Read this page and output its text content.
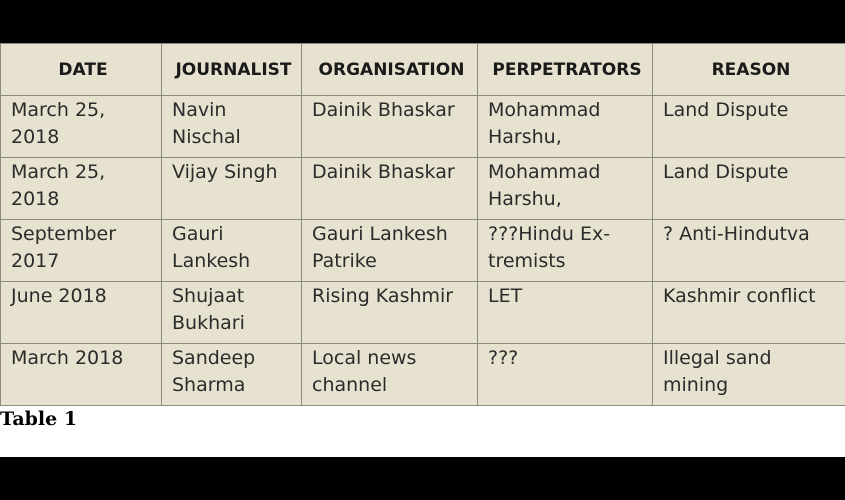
DATE	JOURNALIST	ORGANISATION	PERPETRATORS	REASON
March 25, 2018	Navin Nischal	Dainik Bhaskar	Mohammad Harshu,	Land Dispute
March 25, 2018	Vijay Singh	Dainik Bhaskar	Mohammad Harshu,	Land Dispute
September 2017	Gauri Lankesh	Gauri Lankesh Patrike	???Hindu Ex-tremists	? Anti-Hindutva
June 2018	Shujaat Bukhari	Rising Kashmir	LET	Kashmir conflict
March 2018	Sandeep Sharma	Local news channel	???	Illegal sand mining
Table 1
